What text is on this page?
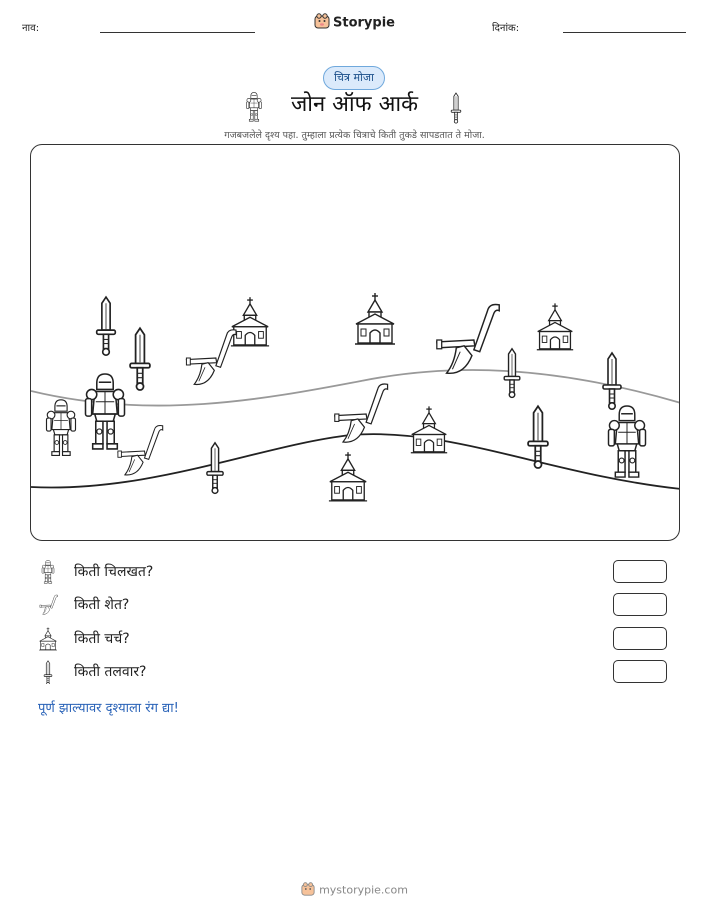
नाव:	Storypie	दिनांक:
चित्र मोजा
जोन ऑफ आर्क
गजबजलेले दृश्य पहा. तुम्हाला प्रत्येक चित्राचे किती तुकडे सापडतात ते मोजा.
किती चिलखत?
किती शेत?
किती चर्च?
किती तलवार?
पूर्ण झाल्यावर दृश्याला रंग द्या!
mystorypie.com
